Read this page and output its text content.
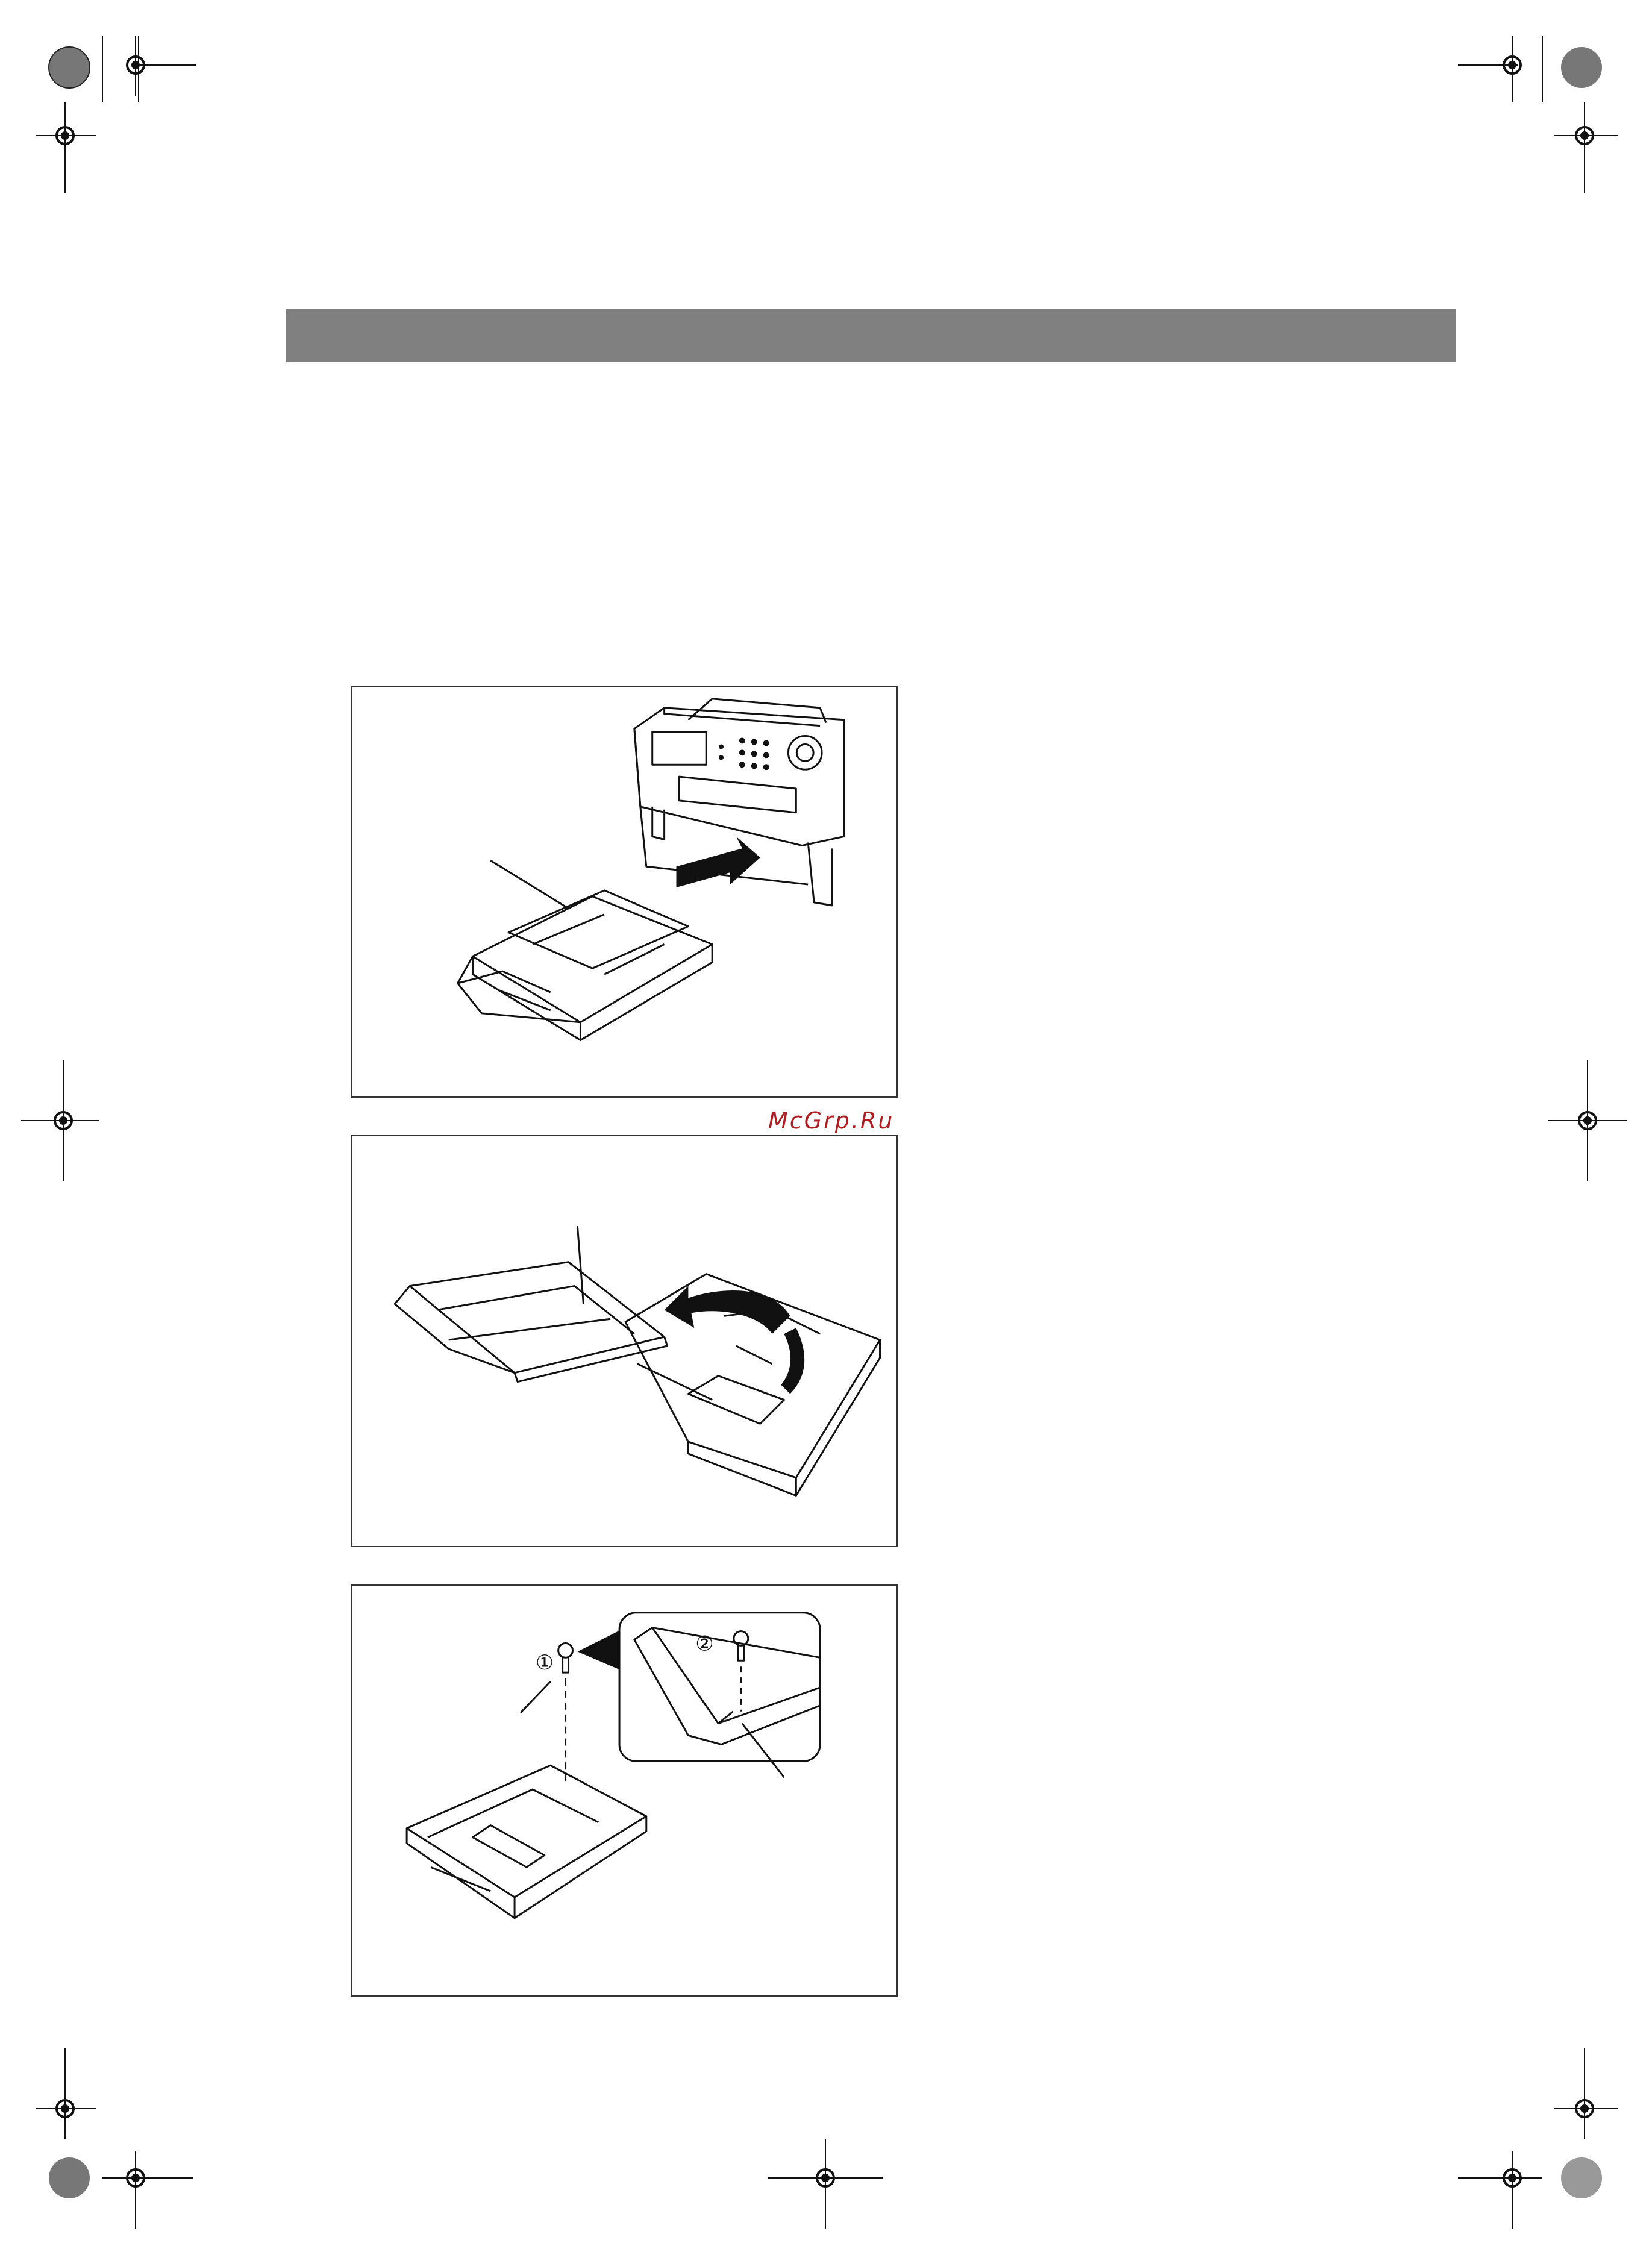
McGrp.Ru
①
②
